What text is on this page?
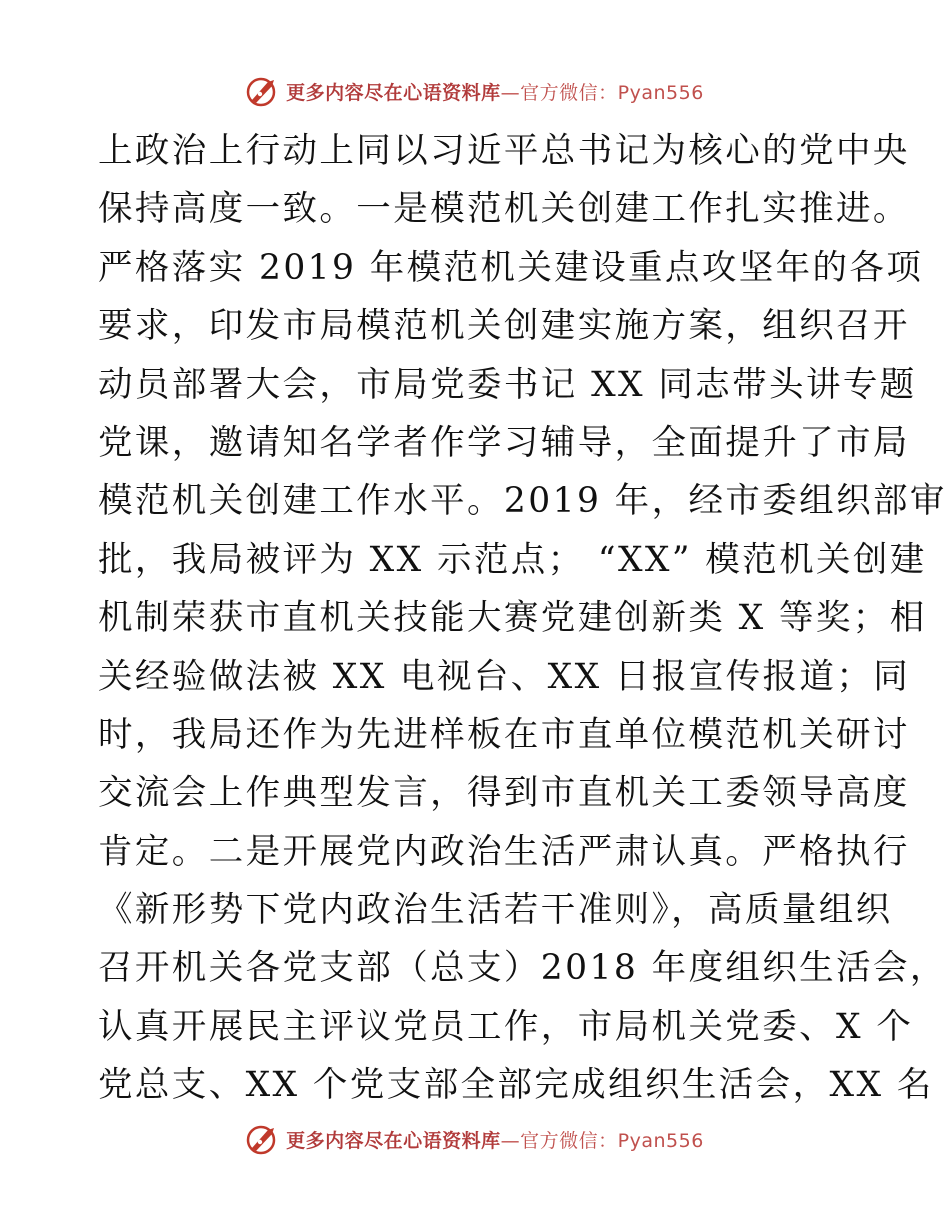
更多内容尽在心语资料库—官方微信：Pyan556
上政治上行动上同以习近平总书记为核心的党中央
保持高度一致。一是模范机关创建工作扎实推进。
严格落实 2019 年模范机关建设重点攻坚年的各项
要求，印发市局模范机关创建实施方案，组织召开
动员部署大会，市局党委书记 XX 同志带头讲专题
党课，邀请知名学者作学习辅导，全面提升了市局
模范机关创建工作水平。2019 年，经市委组织部审
批，我局被评为 XX 示范点； “XX” 模范机关创建
机制荣获市直机关技能大赛党建创新类 X 等奖；相
关经验做法被 XX 电视台、XX 日报宣传报道；同
时，我局还作为先进样板在市直单位模范机关研讨
交流会上作典型发言，得到市直机关工委领导高度
肯定。二是开展党内政治生活严肃认真。严格执行
《新形势下党内政治生活若干准则》，高质量组织
召开机关各党支部（总支）2018 年度组织生活会，
认真开展民主评议党员工作，市局机关党委、X 个
党总支、XX 个党支部全部完成组织生活会，XX 名
更多内容尽在心语资料库—官方微信：Pyan556
